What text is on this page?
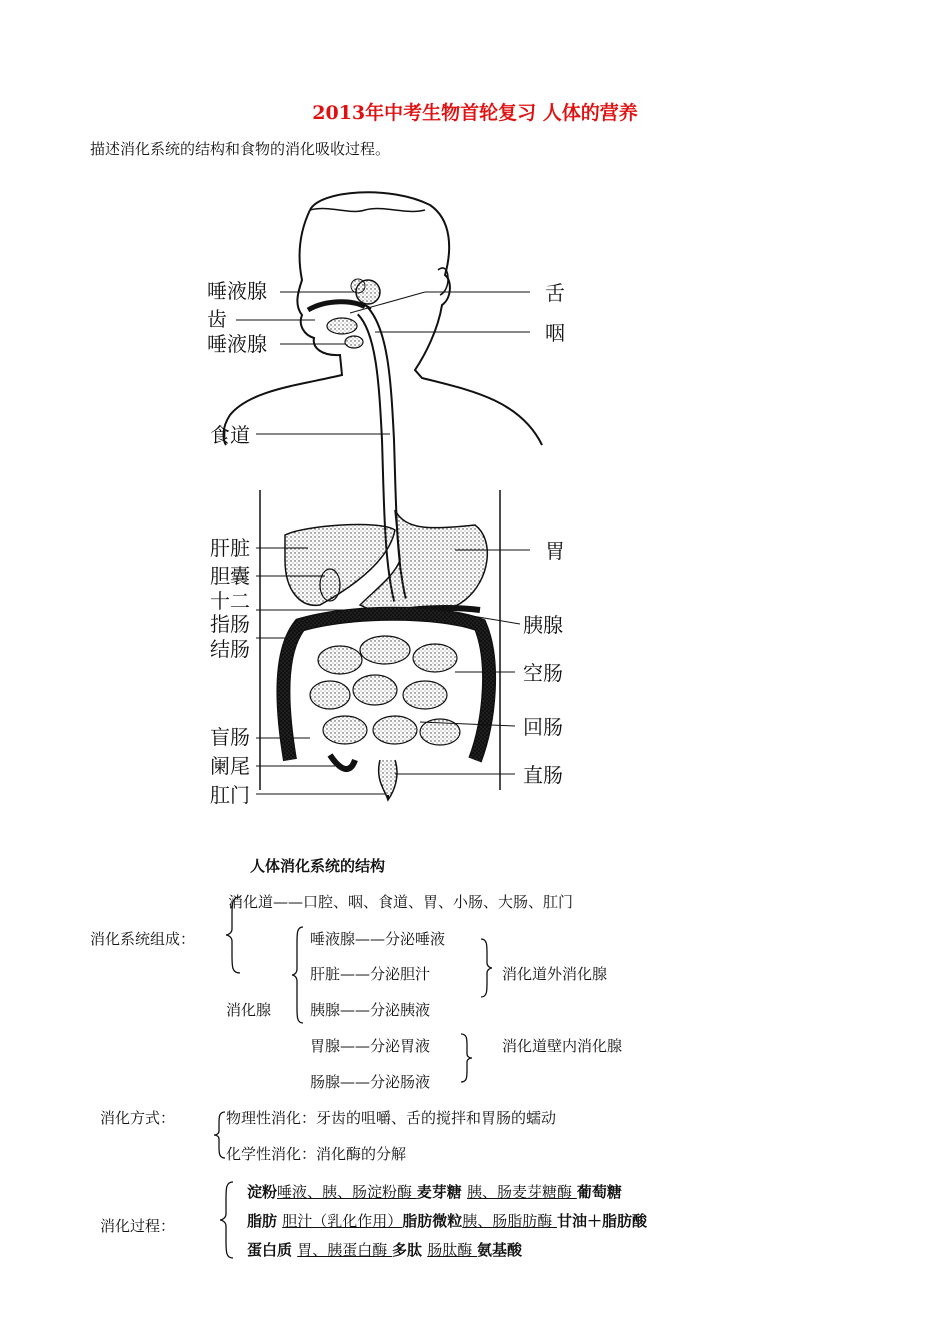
2013年中考生物首轮复习 人体的营养
描述消化系统的结构和食物的消化吸收过程。
唾液腺
齿
唾液腺
食道
肝脏
胆囊
十二
指肠
结肠
盲肠
阑尾
肛门
舌
咽
胃
胰腺
空肠
回肠
直肠
人体消化系统的结构
消化系统组成：
消化道——口腔、咽、食道、胃、小肠、大肠、肛门
消化腺
唾液腺——分泌唾液
肝脏——分泌胆汁
胰腺——分泌胰液
胃腺——分泌胃液
肠腺——分泌肠液
消化道外消化腺
消化道壁内消化腺
消化方式：	物理性消化：牙齿的咀嚼、舌的搅拌和胃肠的蠕动
化学性消化：消化酶的分解
消化过程：
淀粉唾液、胰、肠淀粉酶 麦芽糖 胰、肠麦芽糖酶 葡萄糖
脂肪 胆汁（乳化作用）脂肪微粒胰、肠脂肪酶 甘油＋脂肪酸
蛋白质 胃、胰蛋白酶 多肽 肠肽酶 氨基酸
